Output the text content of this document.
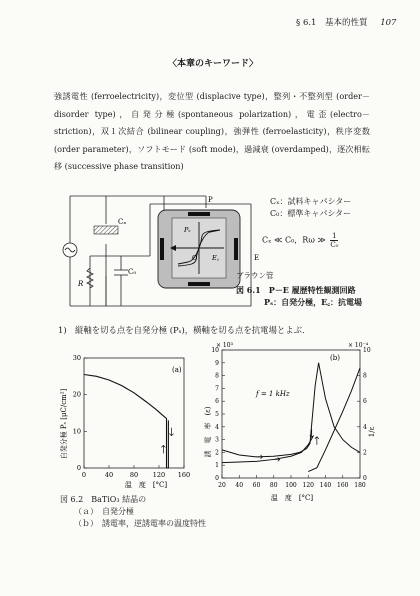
§ 6.1　基本的性質 107
〈本章のキーワード〉
強誘電性 (ferroelectricity)，変位型 (displacive type)，整列・不整列型 (order－disorder type)，自発分極(spontaneous polarization)，電歪(electro－striction)，双１次結合 (bilinear coupling)，強弾性 (ferroelasticity)，秩序変数 (order parameter)，ソフトモード (soft mode)，過減衰 (overdamped)，逐次相転移 (successive phase transition)
Cₓ
C₀
R
P
E
O
Pₛ
E꜀
Cₓ：試料キャパシター
C₀：標準キャパシター
Cₓ ≪ C₀，Rω ≫ $\frac{1}{\text{C₀}}$
ブラウン管
図 6.1　P－E 履歴特性観測回路
Pₛ：自発分極，E꜀：抗電場
1)　縦軸を切る点を自発分極 (Pₛ)，横軸を切る点を抗電場とよぶ．
自発分極 Pₛ [μC/cm²]
温　度　[°C]
(a)
0	40	80 120 160
0
10
20
30
誘　電　率　(ε)	1/ε
温　度　[°C]
(b)
f = 1 kHz
× 10³	× 10⁻⁴
20 40 60 80 100 120 140 160 180
0
1
2
3
4
5
6
7
8
9
10
0
2
4
6
8
10
図 6.2　BaTiO₃ 結晶の
（ａ）　自発分極
（ｂ）　誘電率，逆誘電率の温度特性
